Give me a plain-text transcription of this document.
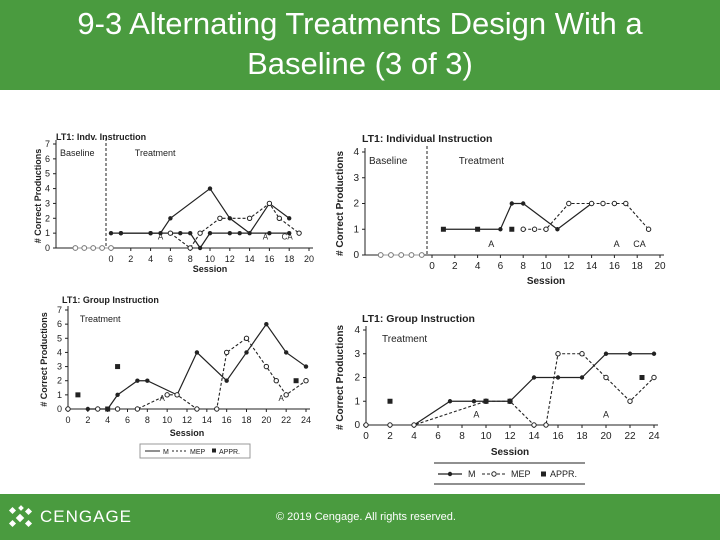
9-3 Alternating Treatments Design With a
Baseline (3 of 3)
LT1: Indv. Instruction
0
1
2
3
4
5
6
7
0 2 4 6 8 10 12 14 16 18 20
Session
# Correct Productions Baseline	Treatment
A	A CA
LT1: Individual Instruction
0
1
2
3
4
0 2 4 6 8 10 12 14 16 18 20
Session
# Correct Productions Baseline	Treatment
A	A CA
LT1: Group Instruction
0
1
2
3
4
5
6
7
0 2 4 6 8 10 12 14 16 18 20 22 24
Session
# Correct Productions	Treatment
A	A
LT1: Group Instruction
0
1
2
3
4
0 2 4 6 8 10 12 14 16 18 20 22 24
Session
# Correct Productions	Treatment
A	A
M	MEP APPR.
M	MEP APPR.
CENGAGE	© 2019 Cengage. All rights reserved.
